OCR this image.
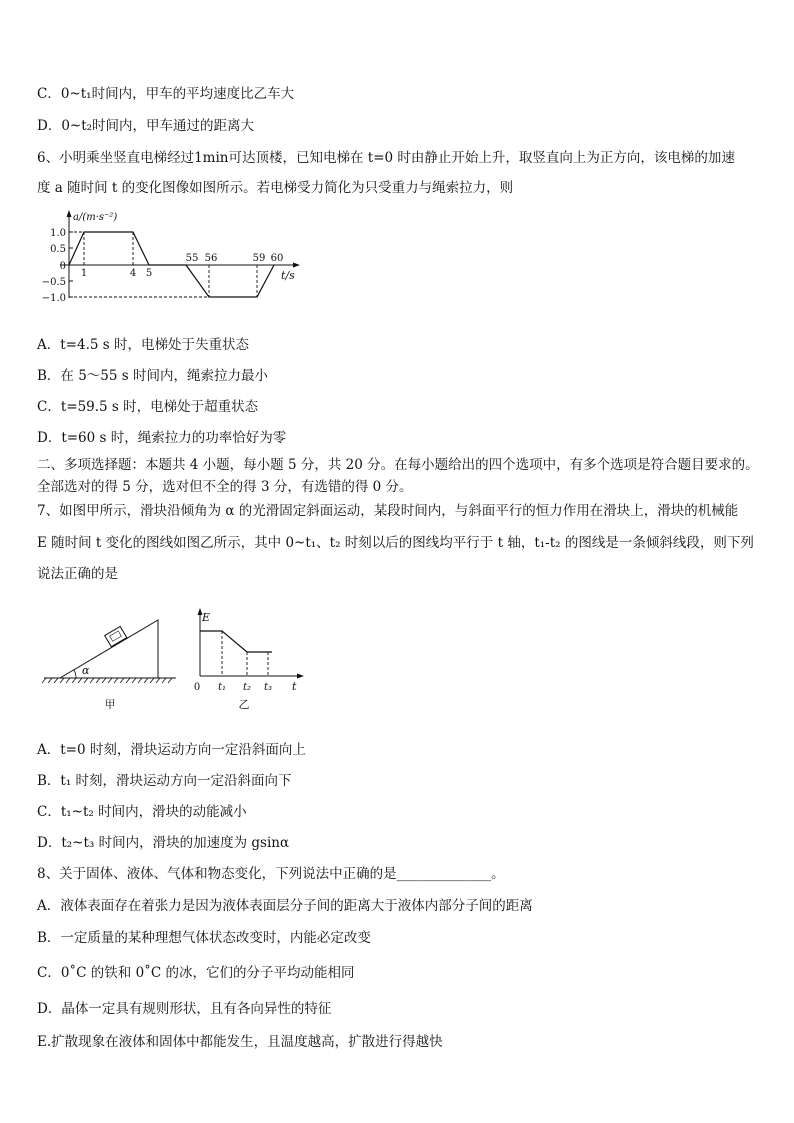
C．0~t₁时间内，甲车的平均速度比乙车大
D．0~t₂时间内，甲车通过的距离大
6、小明乘坐竖直电梯经过1min可达顶楼，已知电梯在 t=0 时由静止开始上升，取竖直向上为正方向，该电梯的加速
度 a 随时间 t 的变化图像如图所示。若电梯受力简化为只受重力与绳索拉力，则
a/(m·s⁻²)
t/s
1.0
0.5
0
−0.5
−1.0
1	4 5
55 56	59 60
A．t=4.5 s 时，电梯处于失重状态
B．在 5～55 s 时间内，绳索拉力最小
C．t=59.5 s 时，电梯处于超重状态
D．t=60 s 时，绳索拉力的功率恰好为零
二、多项选择题：本题共 4 小题，每小题 5 分，共 20 分。在每小题给出的四个选项中，有多个选项是符合题目要求的。
全部选对的得 5 分，选对但不全的得 3 分，有选错的得 0 分。
7、如图甲所示，滑块沿倾角为 α 的光滑固定斜面运动，某段时间内，与斜面平行的恒力作用在滑块上，滑块的机械能
E 随时间 t 变化的图线如图乙所示，其中 0~t₁、t₂ 时刻以后的图线均平行于 t 轴，t₁-t₂ 的图线是一条倾斜线段，则下列
说法正确的是
α
甲
E
t
0 t₁ t₂ t₃
乙
A．t=0 时刻，滑块运动方向一定沿斜面向上
B．t₁ 时刻，滑块运动方向一定沿斜面向下
C．t₁~t₂ 时间内，滑块的动能减小
D．t₂~t₃ 时间内，滑块的加速度为 gsinα
8、关于固体、液体、气体和物态变化，下列说法中正确的是______________。
A．液体表面存在着张力是因为液体表面层分子间的距离大于液体内部分子间的距离
B．一定质量的某种理想气体状态改变时，内能必定改变
C．0˚C 的铁和 0˚C 的冰，它们的分子平均动能相同
D．晶体一定具有规则形状，且有各向异性的特征
E.扩散现象在液体和固体中都能发生，且温度越高，扩散进行得越快
